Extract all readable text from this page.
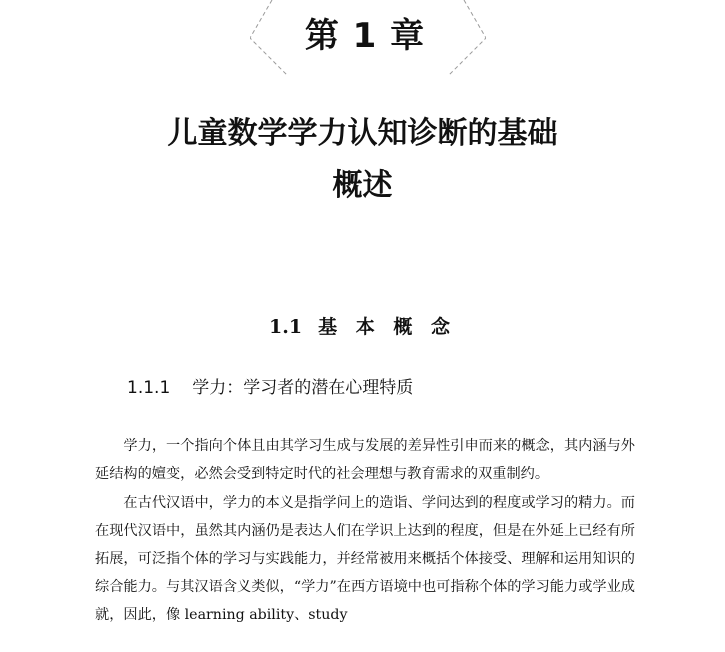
第 1 章
儿童数学学力认知诊断的基础
概述
1.1 基 本 概 念
1.1.1 学力：学习者的潜在心理特质

学力，一个指向个体且由其学习生成与发展的差异性引申而来的概念，其内涵与外延结构的嬗变，必然会受到特定时代的社会理想与教育需求的双重制约。

在古代汉语中，学力的本义是指学问上的造诣、学问达到的程度或学习的精力。而在现代汉语中，虽然其内涵仍是表达人们在学识上达到的程度，但是在外延上已经有所拓展，可泛指个体的学习与实践能力，并经常被用来概括个体接受、理解和运用知识的综合能力。与其汉语含义类似，“学力”在西方语境中也可指称个体的学习能力或学业成就，因此，像 learning ability、study
